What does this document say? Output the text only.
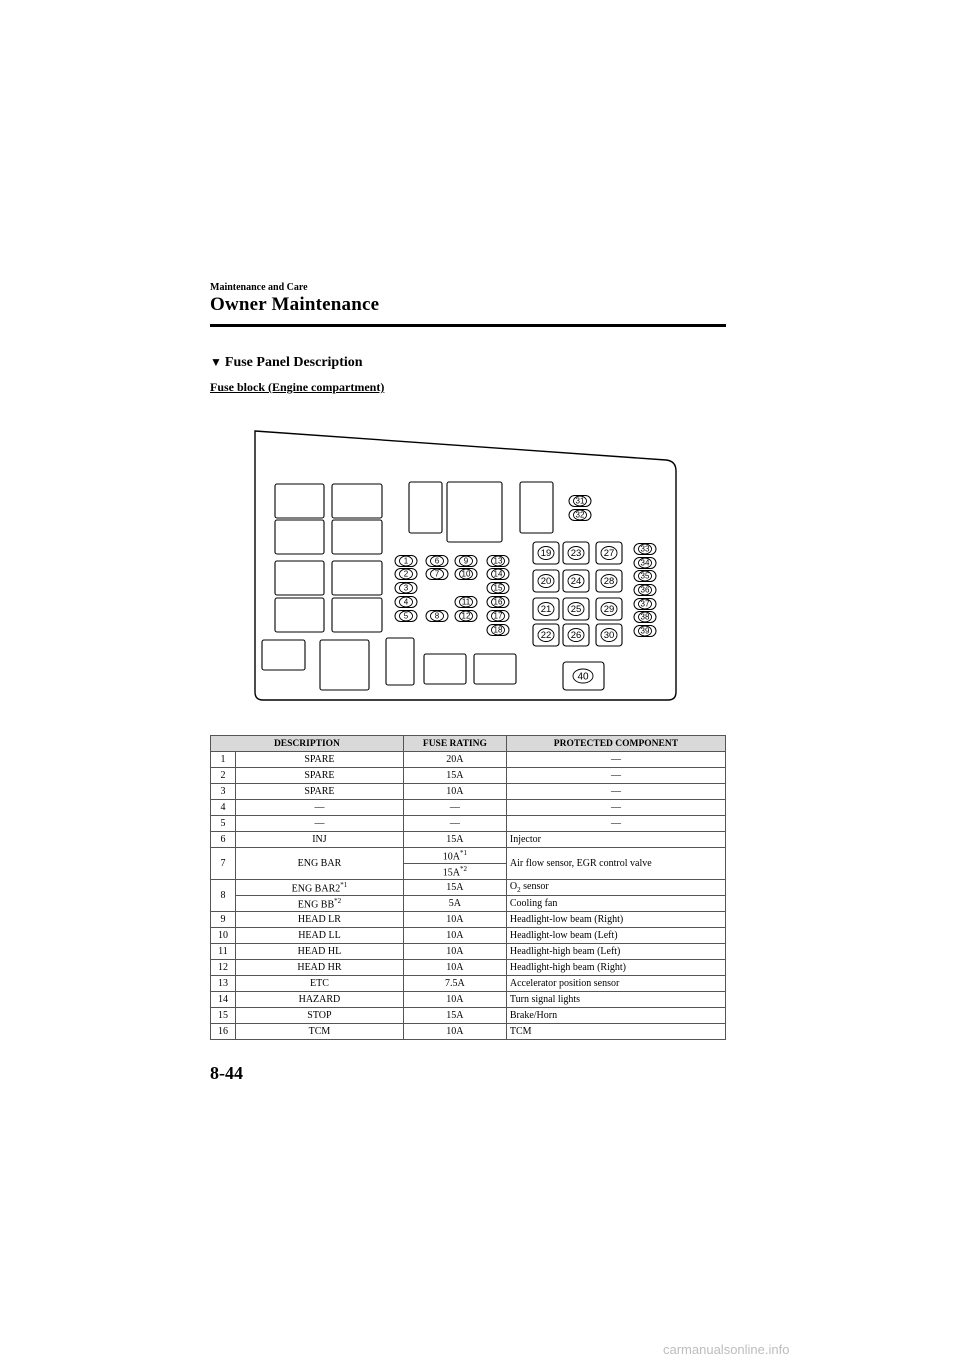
Maintenance and Care
Owner Maintenance
▼ Fuse Panel Description
Fuse block (Engine compartment)
1
2
3
4
5
6
7
8
9
10
11
12
13
14
15
16
17
18
19
20
21
22
23
24
25
26
27
28
29
30
31
32
33
34
35
36
37
38
39
40
DESCRIPTION		FUSE RATING	PROTECTED COMPONENT
1	SPARE	20A	―
2	SPARE	15A	―
3	SPARE	10A	―
4	―	―	―
5	―	―	―
6	INJ	15A	Injector
7	ENG BAR	$10A^{*1}$	Air flow sensor, EGR control valve
		$15A^{*2}$
8	ENG BAR2$^{*1}$	15A	$O_2$ sensor
	ENG BB$^{*2}$	5A	Cooling fan
9	HEAD LR	10A	Headlight-low beam (Right)
10	HEAD LL	10A	Headlight-low beam (Left)
11	HEAD HL	10A	Headlight-high beam (Left)
12	HEAD HR	10A	Headlight-high beam (Right)
13	ETC	7.5A	Accelerator position sensor
14	HAZARD	10A	Turn signal lights
15	STOP	15A	Brake/Horn
16	TCM	10A	TCM
8-44
carmanualsonline.info
